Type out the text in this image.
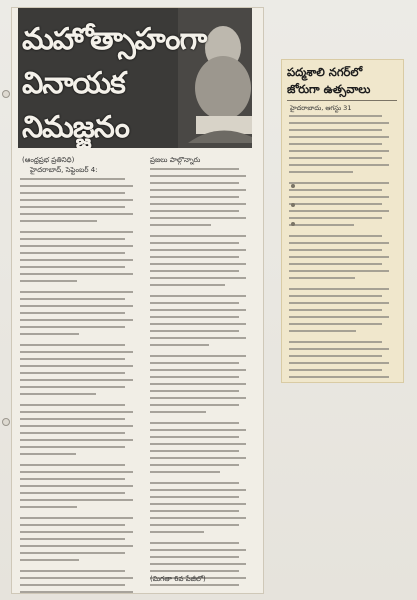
మహోత్సాహంగా
వినాయక
నిమజ్జనం
(ఆంధ్రప్రభ ప్రతినిధి)
హైదరాబాద్, సెప్టెంబర్ 4:
ప్రజలు పాల్గొన్నారు
(మిగతా 6వ పేజీలో)
పద్మశాలి నగర్‌లో
జోరుగా ఉత్సవాలు
హైదరాబాదు, ఆగస్టు 31
